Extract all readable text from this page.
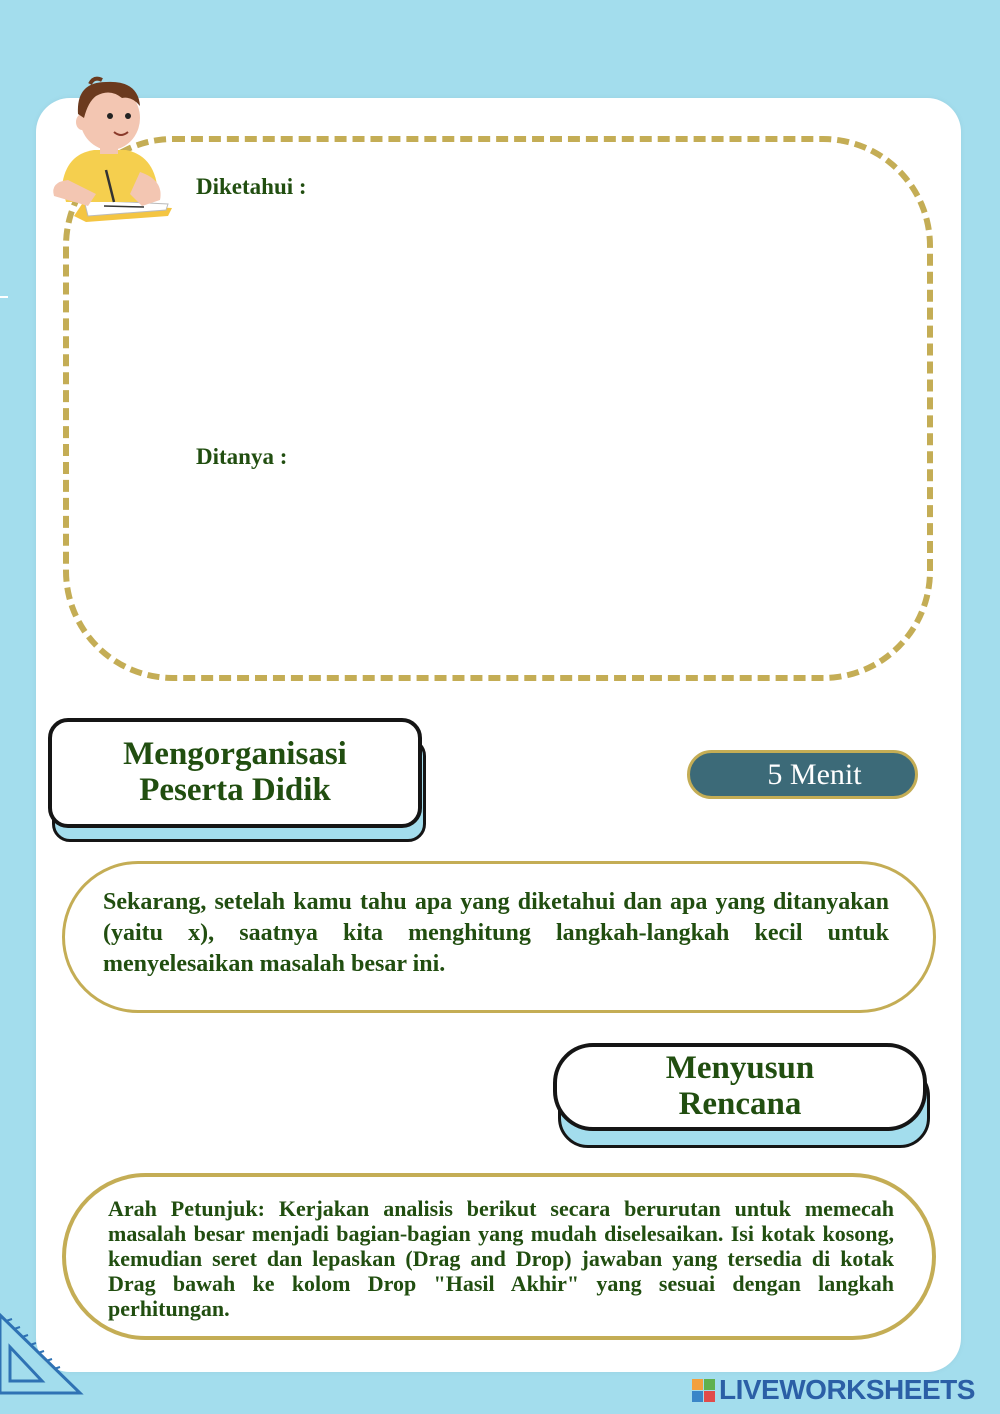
Diketahui :
Ditanya :
Mengorganisasi
Peserta Didik	5 Menit

Sekarang, setelah kamu tahu apa yang diketahui dan apa yang ditanyakan (yaitu x), saatnya kita menghitung langkah-langkah kecil untuk menyelesaikan masalah besar ini.

Menyusun
Rencana

Arah Petunjuk: Kerjakan analisis berikut secara berurutan untuk memecah masalah besar menjadi bagian-bagian yang mudah diselesaikan. Isi kotak kosong, kemudian seret dan lepaskan (Drag and Drop) jawaban yang tersedia di kotak Drag bawah ke kolom Drop "Hasil Akhir" yang sesuai dengan langkah perhitungan.

LIVEWORKSHEETS
